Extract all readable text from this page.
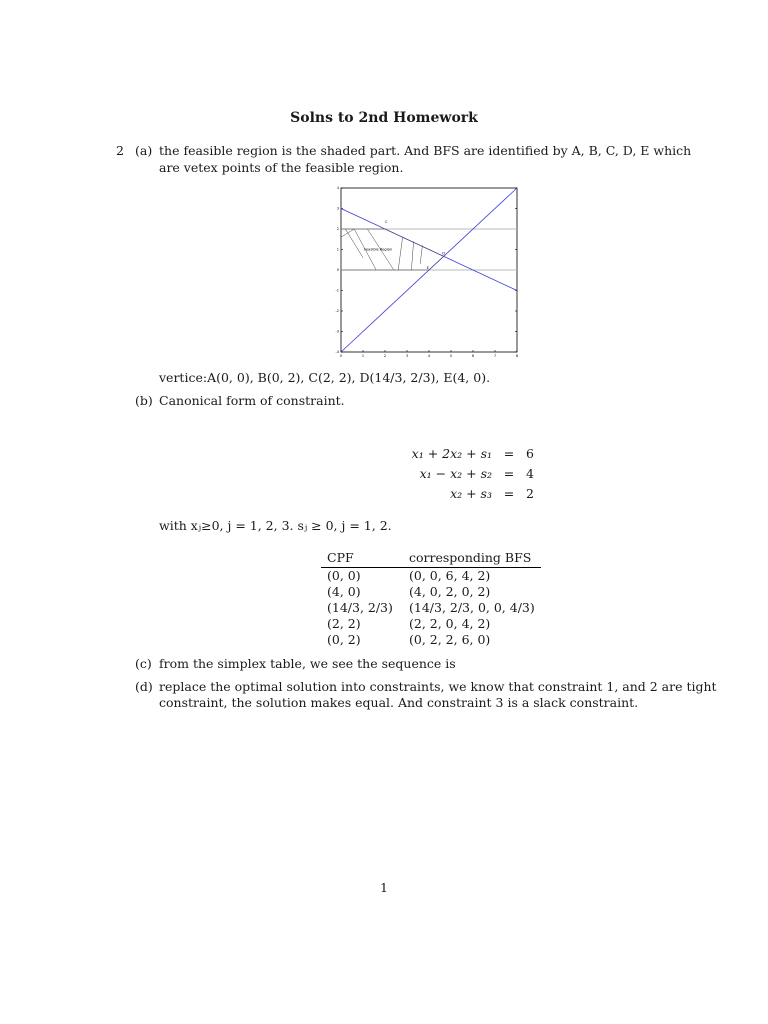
Solns to 2nd Homework
2 (a) the feasible region is the shaded part. And BFS are identified by A, B, C, D, E which
are vetex points of the feasible region.
0	1	2	3	4	5	6	7	8
4
3
2
1
0
-1
-2
-3
-4
Feasible Region
C
D
E
vertice:A(0, 0), B(0, 2), C(2, 2), D(14/3, 2/3), E(4, 0).
(b) Canonical form of constraint.
x₁ + 2x₂ + s₁	=	6
x₁ − x₂ + s₂	=	4
x₂ + s₃	=	2
with xⱼ≥0, j = 1, 2, 3. sⱼ ≥ 0, j = 1, 2.
CPF	corresponding BFS
(0, 0)	(0, 0, 6, 4, 2)
(4, 0)	(4, 0, 2, 0, 2)
(14/3, 2/3)	(14/3, 2/3, 0, 0, 4/3)
(2, 2)	(2, 2, 0, 4, 2)
(0, 2)	(0, 2, 2, 6, 0)
(c) from the simplex table, we see the sequence is
(d) replace the optimal solution into constraints, we know that constraint 1, and 2 are tight
constraint, the solution makes equal. And constraint 3 is a slack constraint.
1
